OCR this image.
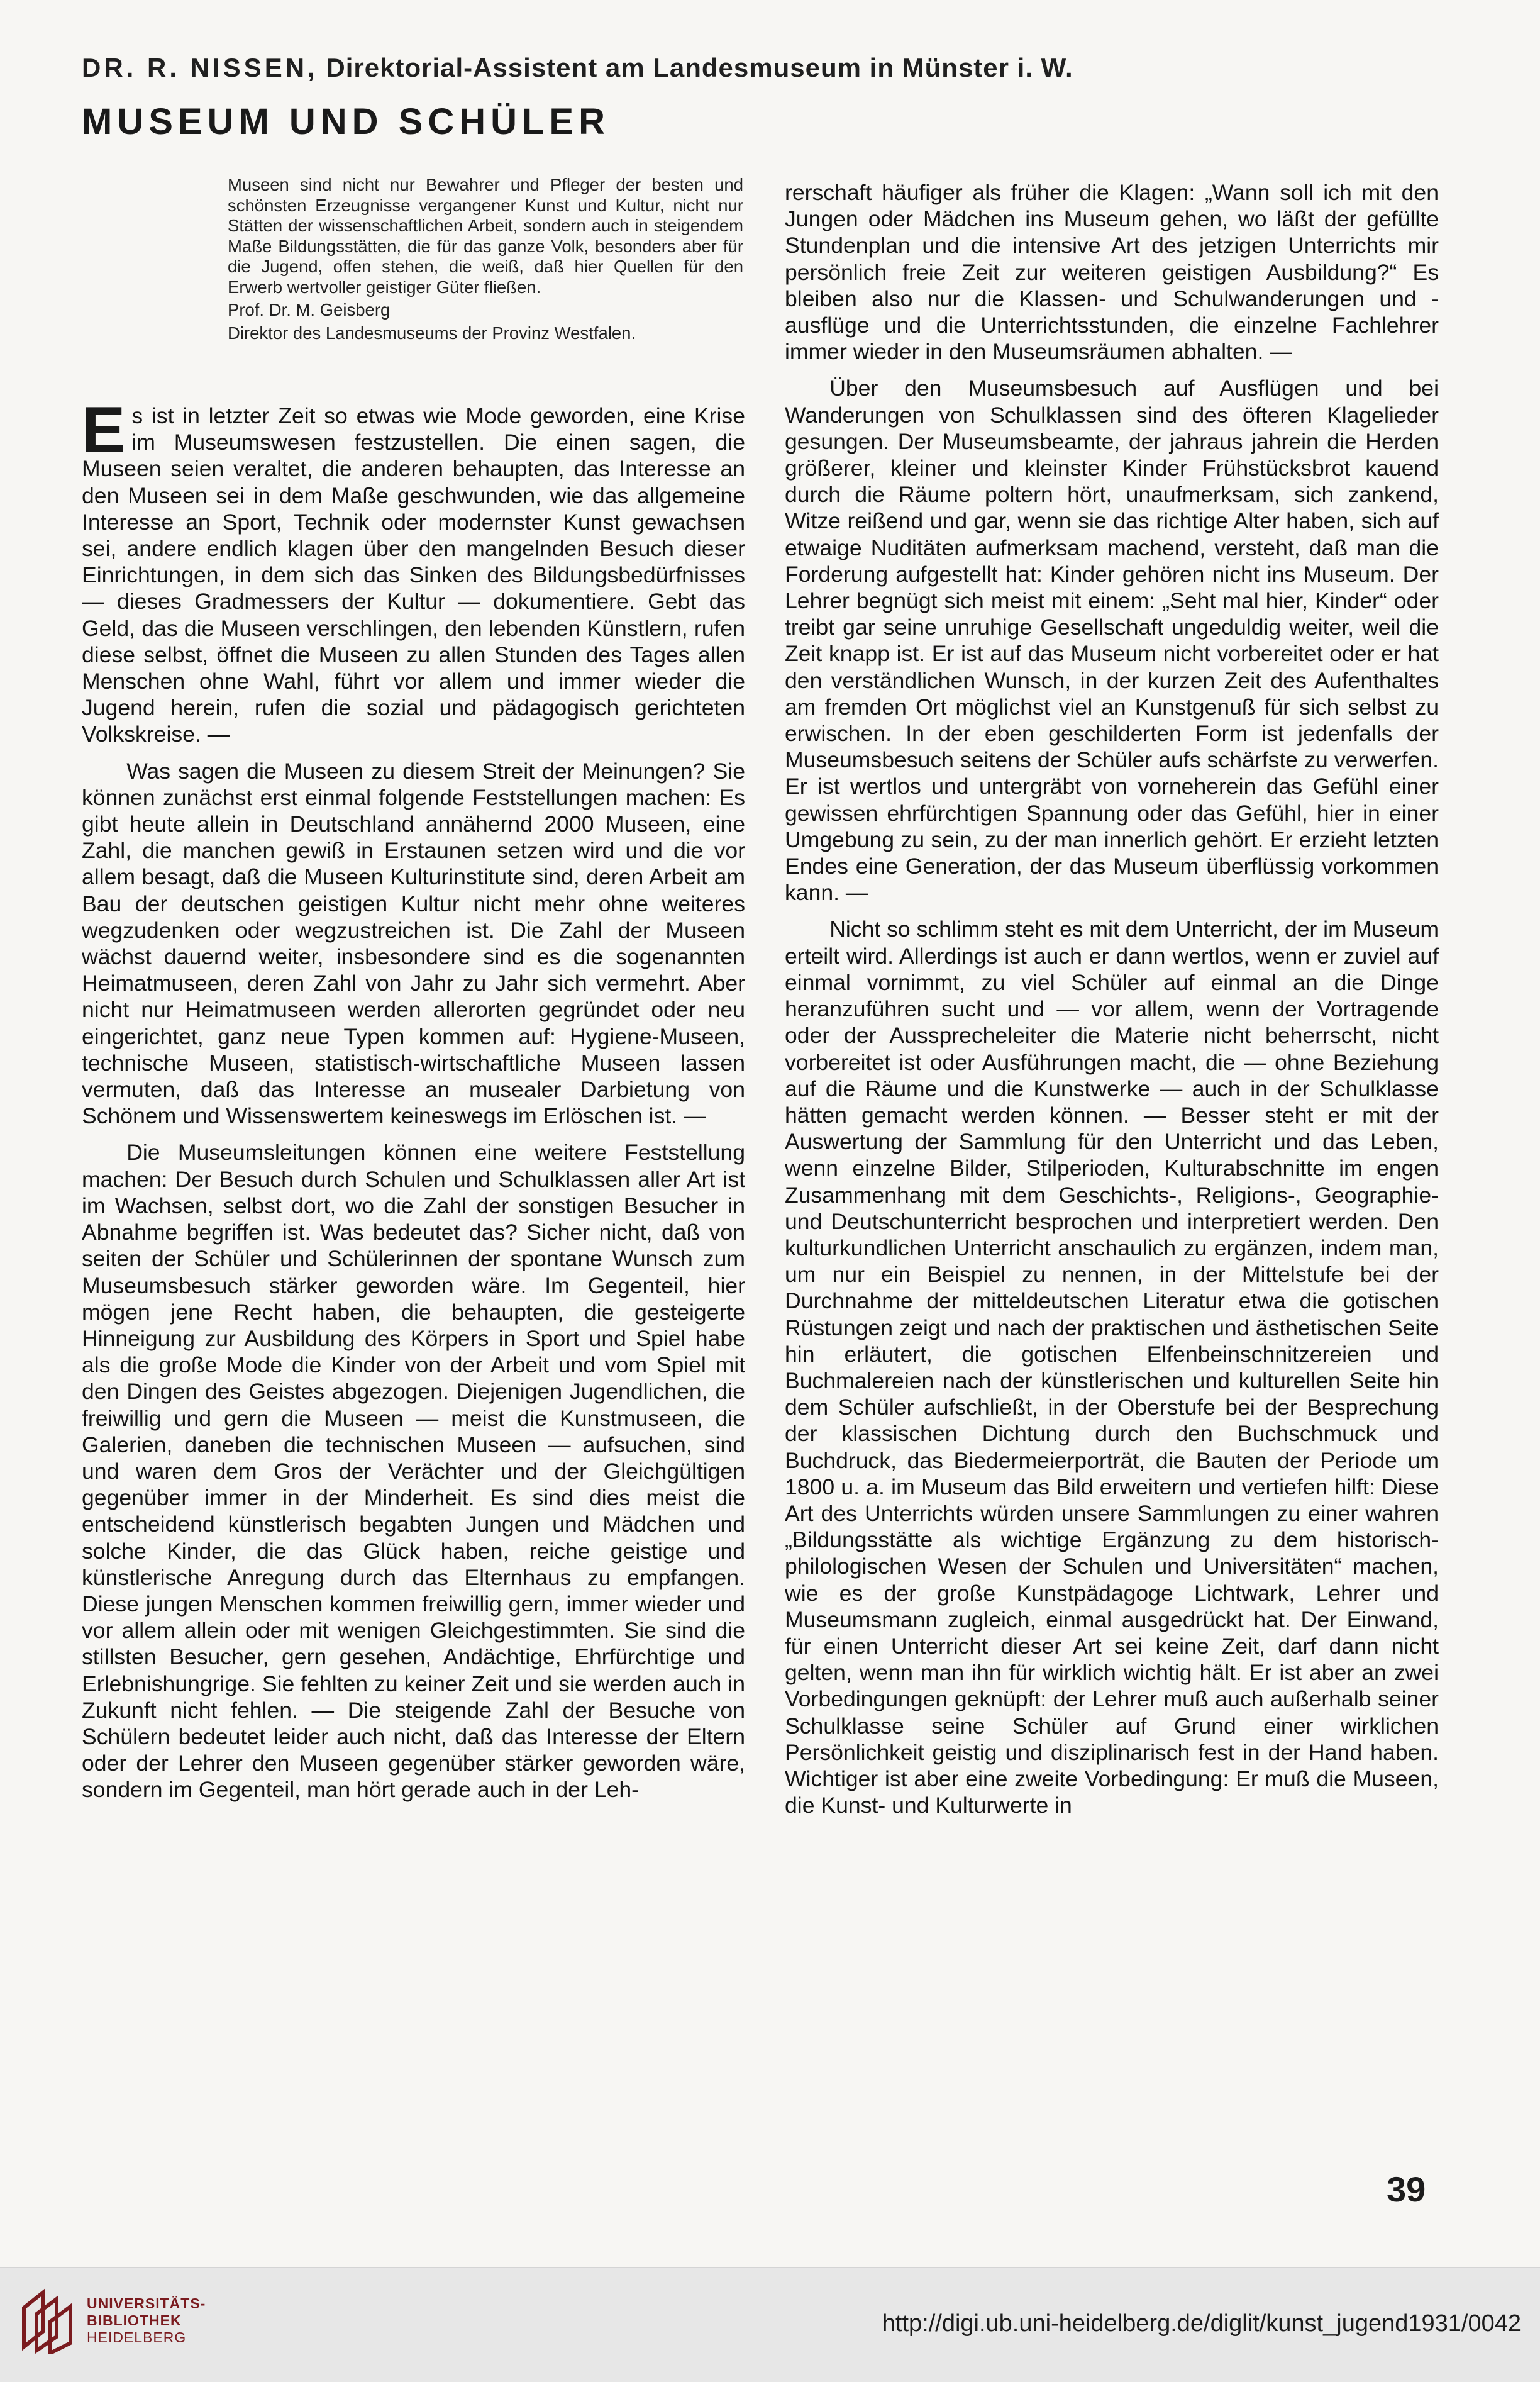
DR. R. NISSEN, Direktorial-Assistent am Landesmuseum in Münster i. W.
MUSEUM UND SCHÜLER

Museen sind nicht nur Bewahrer und Pfleger der besten und schönsten Erzeugnisse vergangener Kunst und Kultur, nicht nur Stätten der wissenschaftlichen Arbeit, sondern auch in steigendem Maße Bildungsstätten, die für das ganze Volk, besonders aber für die Jugend, offen stehen, die weiß, daß hier Quellen für den Erwerb wertvoller geistiger Güter fließen.

Prof. Dr. M. Geisberg

Direktor des Landesmuseums der Provinz Westfalen.

Es ist in letzter Zeit so etwas wie Mode geworden, eine Krise im Museumswesen festzustellen. Die einen sagen, die Museen seien veraltet, die anderen behaupten, das Interesse an den Museen sei in dem Maße geschwunden, wie das allgemeine Interesse an Sport, Technik oder modernster Kunst gewachsen sei, andere endlich klagen über den mangelnden Besuch dieser Einrichtungen, in dem sich das Sinken des Bildungsbedürfnisses — dieses Gradmessers der Kultur — dokumentiere. Gebt das Geld, das die Museen verschlingen, den lebenden Künstlern, rufen diese selbst, öffnet die Museen zu allen Stunden des Tages allen Menschen ohne Wahl, führt vor allem und immer wieder die Jugend herein, rufen die sozial und pädagogisch gerichteten Volkskreise. —

Was sagen die Museen zu diesem Streit der Meinungen? Sie können zunächst erst einmal folgende Feststellungen machen: Es gibt heute allein in Deutschland annähernd 2000 Museen, eine Zahl, die manchen gewiß in Erstaunen setzen wird und die vor allem besagt, daß die Museen Kulturinstitute sind, deren Arbeit am Bau der deutschen geistigen Kultur nicht mehr ohne weiteres wegzudenken oder wegzustreichen ist. Die Zahl der Museen wächst dauernd weiter, insbesondere sind es die sogenannten Heimatmuseen, deren Zahl von Jahr zu Jahr sich vermehrt. Aber nicht nur Heimatmuseen werden allerorten gegründet oder neu eingerichtet, ganz neue Typen kommen auf: Hygiene-Museen, technische Museen, statistisch-wirtschaftliche Museen lassen vermuten, daß das Interesse an musealer Darbietung von Schönem und Wissenswertem keineswegs im Erlöschen ist. —

Die Museumsleitungen können eine weitere Feststellung machen: Der Besuch durch Schulen und Schulklassen aller Art ist im Wachsen, selbst dort, wo die Zahl der sonstigen Besucher in Abnahme begriffen ist. Was bedeutet das? Sicher nicht, daß von seiten der Schüler und Schülerinnen der spontane Wunsch zum Museumsbesuch stärker geworden wäre. Im Gegenteil, hier mögen jene Recht haben, die behaupten, die gesteigerte Hinneigung zur Ausbildung des Körpers in Sport und Spiel habe als die große Mode die Kinder von der Arbeit und vom Spiel mit den Dingen des Geistes abgezogen. Diejenigen Jugendlichen, die freiwillig und gern die Museen — meist die Kunstmuseen, die Galerien, daneben die technischen Museen — aufsuchen, sind und waren dem Gros der Verächter und der Gleichgültigen gegenüber immer in der Minderheit. Es sind dies meist die entscheidend künstlerisch begabten Jungen und Mädchen und solche Kinder, die das Glück haben, reiche geistige und künstlerische Anregung durch das Elternhaus zu empfangen. Diese jungen Menschen kommen freiwillig gern, immer wieder und vor allem allein oder mit wenigen Gleichgestimmten. Sie sind die stillsten Besucher, gern gesehen, Andächtige, Ehrfürchtige und Erlebnishungrige. Sie fehlten zu keiner Zeit und sie werden auch in Zukunft nicht fehlen. — Die steigende Zahl der Besuche von Schülern bedeutet leider auch nicht, daß das Interesse der Eltern oder der Lehrer den Museen gegenüber stärker geworden wäre, sondern im Gegenteil, man hört gerade auch in der Leh-

rerschaft häufiger als früher die Klagen: „Wann soll ich mit den Jungen oder Mädchen ins Museum gehen, wo läßt der gefüllte Stundenplan und die intensive Art des jetzigen Unterrichts mir persönlich freie Zeit zur weiteren geistigen Ausbildung?“ Es bleiben also nur die Klassen- und Schulwanderungen und -ausflüge und die Unterrichtsstunden, die einzelne Fachlehrer immer wieder in den Museumsräumen abhalten. —

Über den Museumsbesuch auf Ausflügen und bei Wanderungen von Schulklassen sind des öfteren Klagelieder gesungen. Der Museumsbeamte, der jahraus jahrein die Herden größerer, kleiner und kleinster Kinder Frühstücksbrot kauend durch die Räume poltern hört, unaufmerksam, sich zankend, Witze reißend und gar, wenn sie das richtige Alter haben, sich auf etwaige Nuditäten aufmerksam machend, versteht, daß man die Forderung aufgestellt hat: Kinder gehören nicht ins Museum. Der Lehrer begnügt sich meist mit einem: „Seht mal hier, Kinder“ oder treibt gar seine unruhige Gesellschaft ungeduldig weiter, weil die Zeit knapp ist. Er ist auf das Museum nicht vorbereitet oder er hat den verständlichen Wunsch, in der kurzen Zeit des Aufenthaltes am fremden Ort möglichst viel an Kunstgenuß für sich selbst zu erwischen. In der eben geschilderten Form ist jedenfalls der Museumsbesuch seitens der Schüler aufs schärfste zu verwerfen. Er ist wertlos und untergräbt von vorneherein das Gefühl einer gewissen ehrfürchtigen Spannung oder das Gefühl, hier in einer Umgebung zu sein, zu der man innerlich gehört. Er erzieht letzten Endes eine Generation, der das Museum überflüssig vorkommen kann. —

Nicht so schlimm steht es mit dem Unterricht, der im Museum erteilt wird. Allerdings ist auch er dann wertlos, wenn er zuviel auf einmal vornimmt, zu viel Schüler auf einmal an die Dinge heranzuführen sucht und — vor allem, wenn der Vortragende oder der Aussprecheleiter die Materie nicht beherrscht, nicht vorbereitet ist oder Ausführungen macht, die — ohne Beziehung auf die Räume und die Kunstwerke — auch in der Schulklasse hätten gemacht werden können. — Besser steht er mit der Auswertung der Sammlung für den Unterricht und das Leben, wenn einzelne Bilder, Stilperioden, Kulturabschnitte im engen Zusammenhang mit dem Geschichts-, Religions-, Geographie- und Deutschunterricht besprochen und interpretiert werden. Den kulturkundlichen Unterricht anschaulich zu ergänzen, indem man, um nur ein Beispiel zu nennen, in der Mittelstufe bei der Durchnahme der mitteldeutschen Literatur etwa die gotischen Rüstungen zeigt und nach der praktischen und ästhetischen Seite hin erläutert, die gotischen Elfenbeinschnitzereien und Buchmalereien nach der künstlerischen und kulturellen Seite hin dem Schüler aufschließt, in der Oberstufe bei der Besprechung der klassischen Dichtung durch den Buchschmuck und Buchdruck, das Biedermeierporträt, die Bauten der Periode um 1800 u. a. im Museum das Bild erweitern und vertiefen hilft: Diese Art des Unterrichts würden unsere Sammlungen zu einer wahren „Bildungsstätte als wichtige Ergänzung zu dem historisch-philologischen Wesen der Schulen und Universitäten“ machen, wie es der große Kunstpädagoge Lichtwark, Lehrer und Museumsmann zugleich, einmal ausgedrückt hat. Der Einwand, für einen Unterricht dieser Art sei keine Zeit, darf dann nicht gelten, wenn man ihn für wirklich wichtig hält. Er ist aber an zwei Vorbedingungen geknüpft: der Lehrer muß auch außerhalb seiner Schulklasse seine Schüler auf Grund einer wirklichen Persönlichkeit geistig und disziplinarisch fest in der Hand haben. Wichtiger ist aber eine zweite Vorbedingung: Er muß die Museen, die Kunst- und Kulturwerte in

39
UNIVERSITÄTS-
BIBLIOTHEK
HEIDELBERG
http://digi.ub.uni-heidelberg.de/diglit/kunst_jugend1931/0042
